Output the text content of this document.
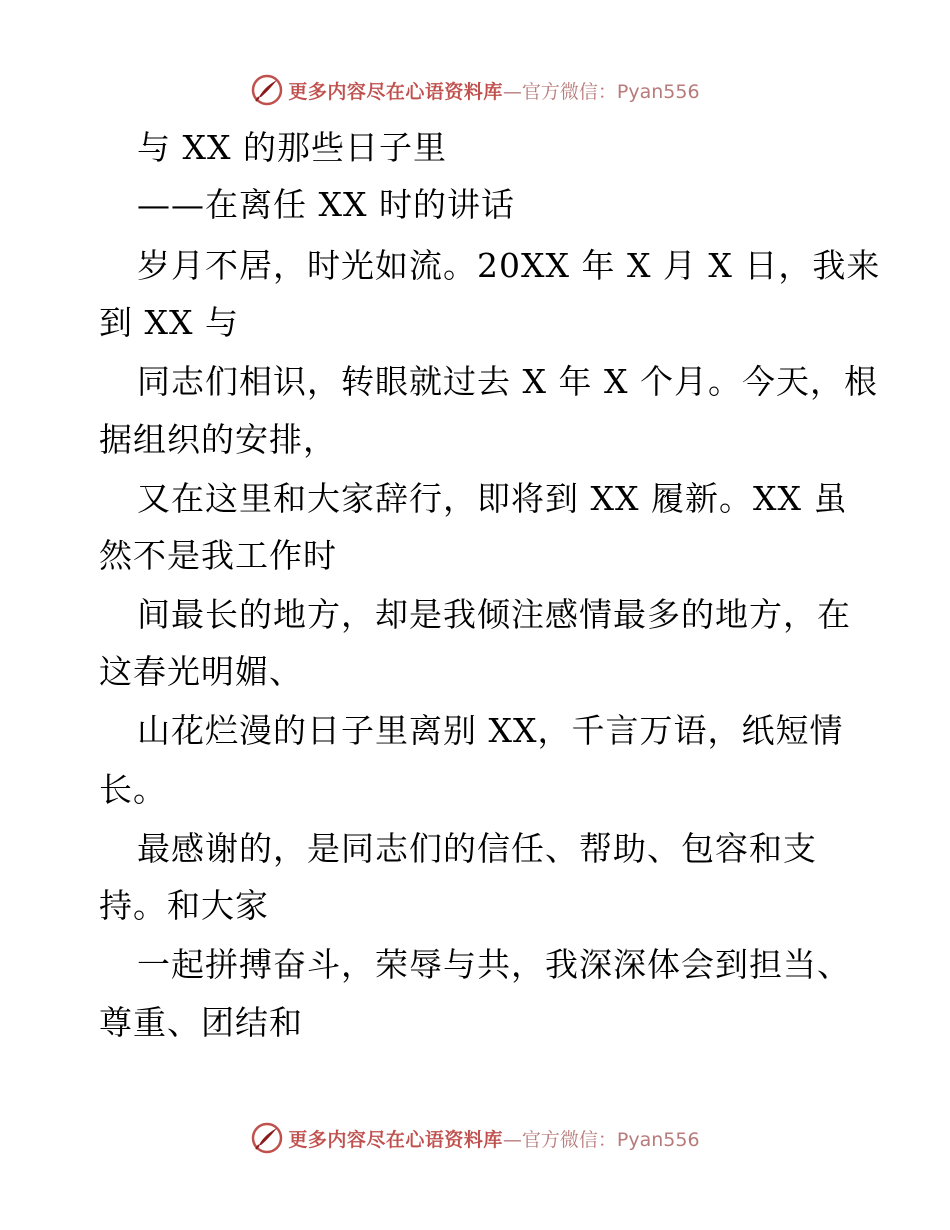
更多内容尽在心语资料库 —官方微信：Pyan556
与 XX 的那些日子里
——在离任 XX 时的讲话
岁月不居，时光如流。20XX 年 X 月 X 日，我来
到 XX 与
同志们相识，转眼就过去 X 年 X 个月。今天，根
据组织的安排，
又在这里和大家辞行，即将到 XX 履新。XX 虽
然不是我工作时
间最长的地方，却是我倾注感情最多的地方，在
这春光明媚、
山花烂漫的日子里离别 XX，千言万语，纸短情
长。
最感谢的，是同志们的信任、帮助、包容和支
持。和大家
一起拼搏奋斗，荣辱与共，我深深体会到担当、
尊重、团结和
更多内容尽在心语资料库 —官方微信：Pyan556
